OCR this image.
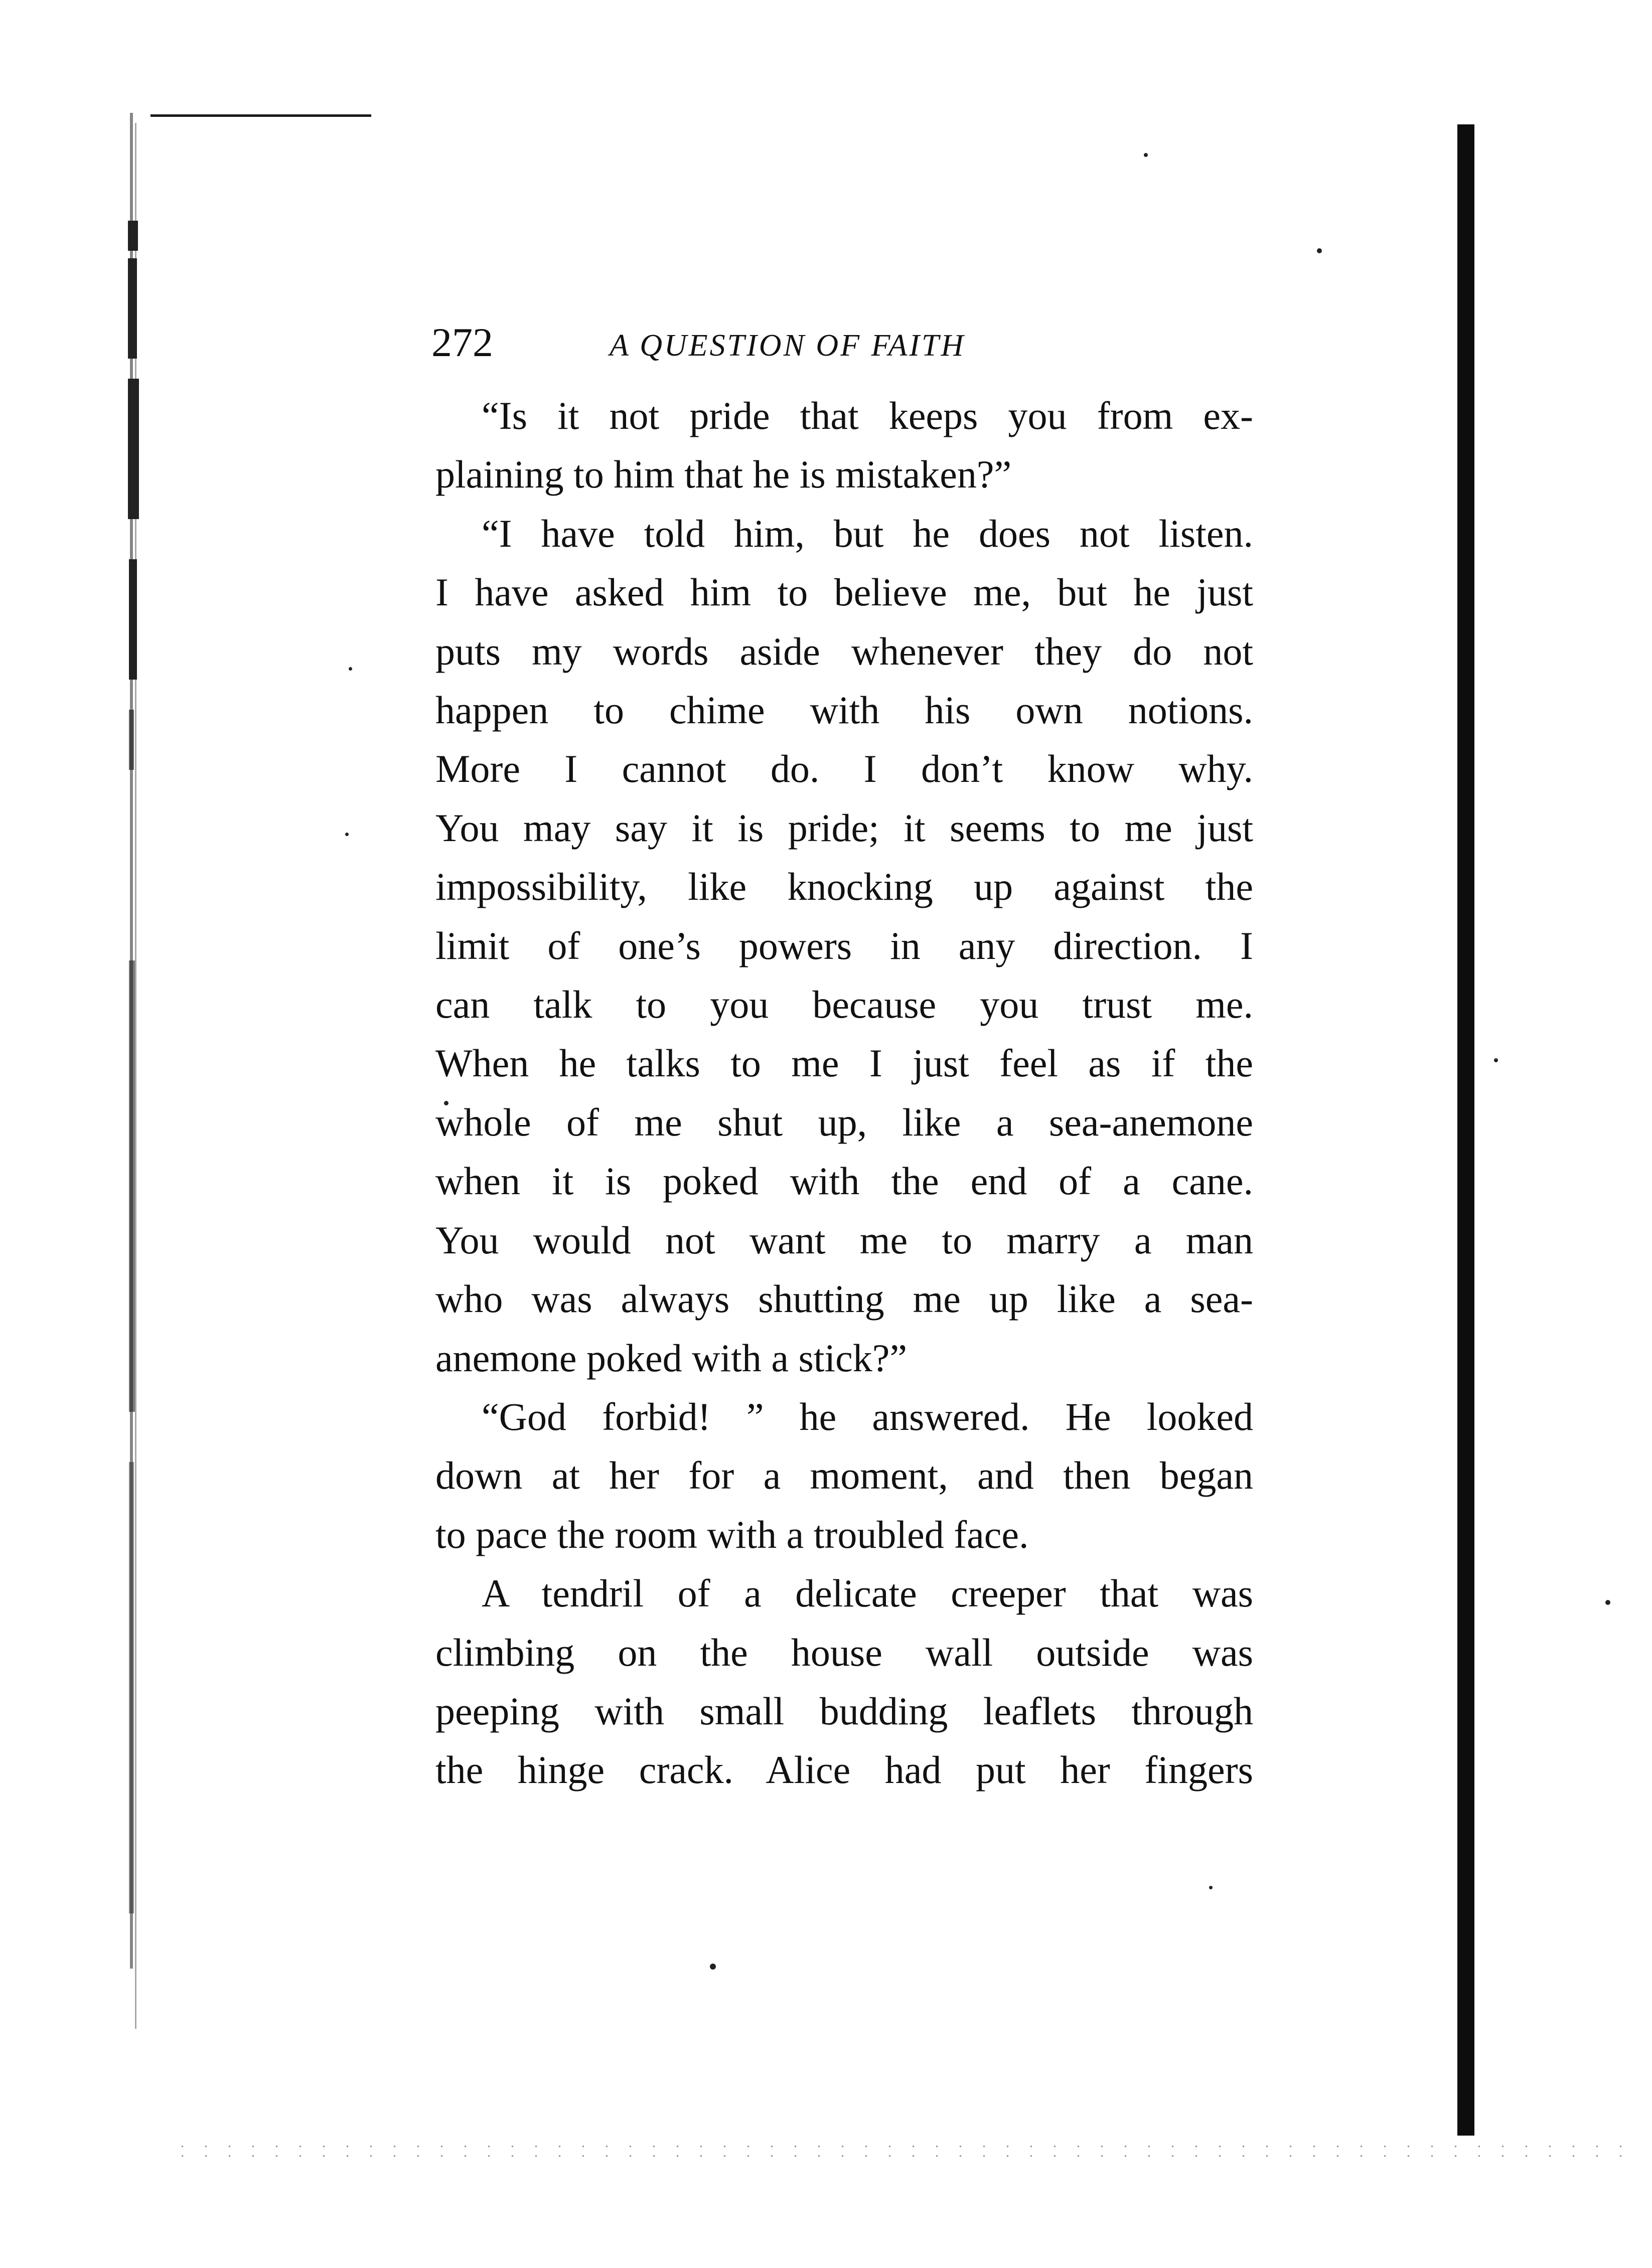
272	A QUESTION OF FAITH

“Is it not pride that keeps you from ex-
plaining to him that he is mistaken?”

“I have told him, but he does not listen.
I have asked him to believe me, but he just
puts my words aside whenever they do not
happen to chime with his own notions.
More I cannot do. I don’t know why.
You may say it is pride; it seems to me just
impossibility, like knocking up against the
limit of one’s powers in any direction. I
can talk to you because you trust me.
When he talks to me I just feel as if the
whole of me shut up, like a sea-anemone
when it is poked with the end of a cane.
You would not want me to marry a man
who was always shutting me up like a sea-
anemone poked with a stick?”

“God forbid! ” he answered. He looked
down at her for a moment, and then began
to pace the room with a troubled face.

A tendril of a delicate creeper that was
climbing on the house wall outside was
peeping with small budding leaflets through
the hinge crack. Alice had put her fingers
